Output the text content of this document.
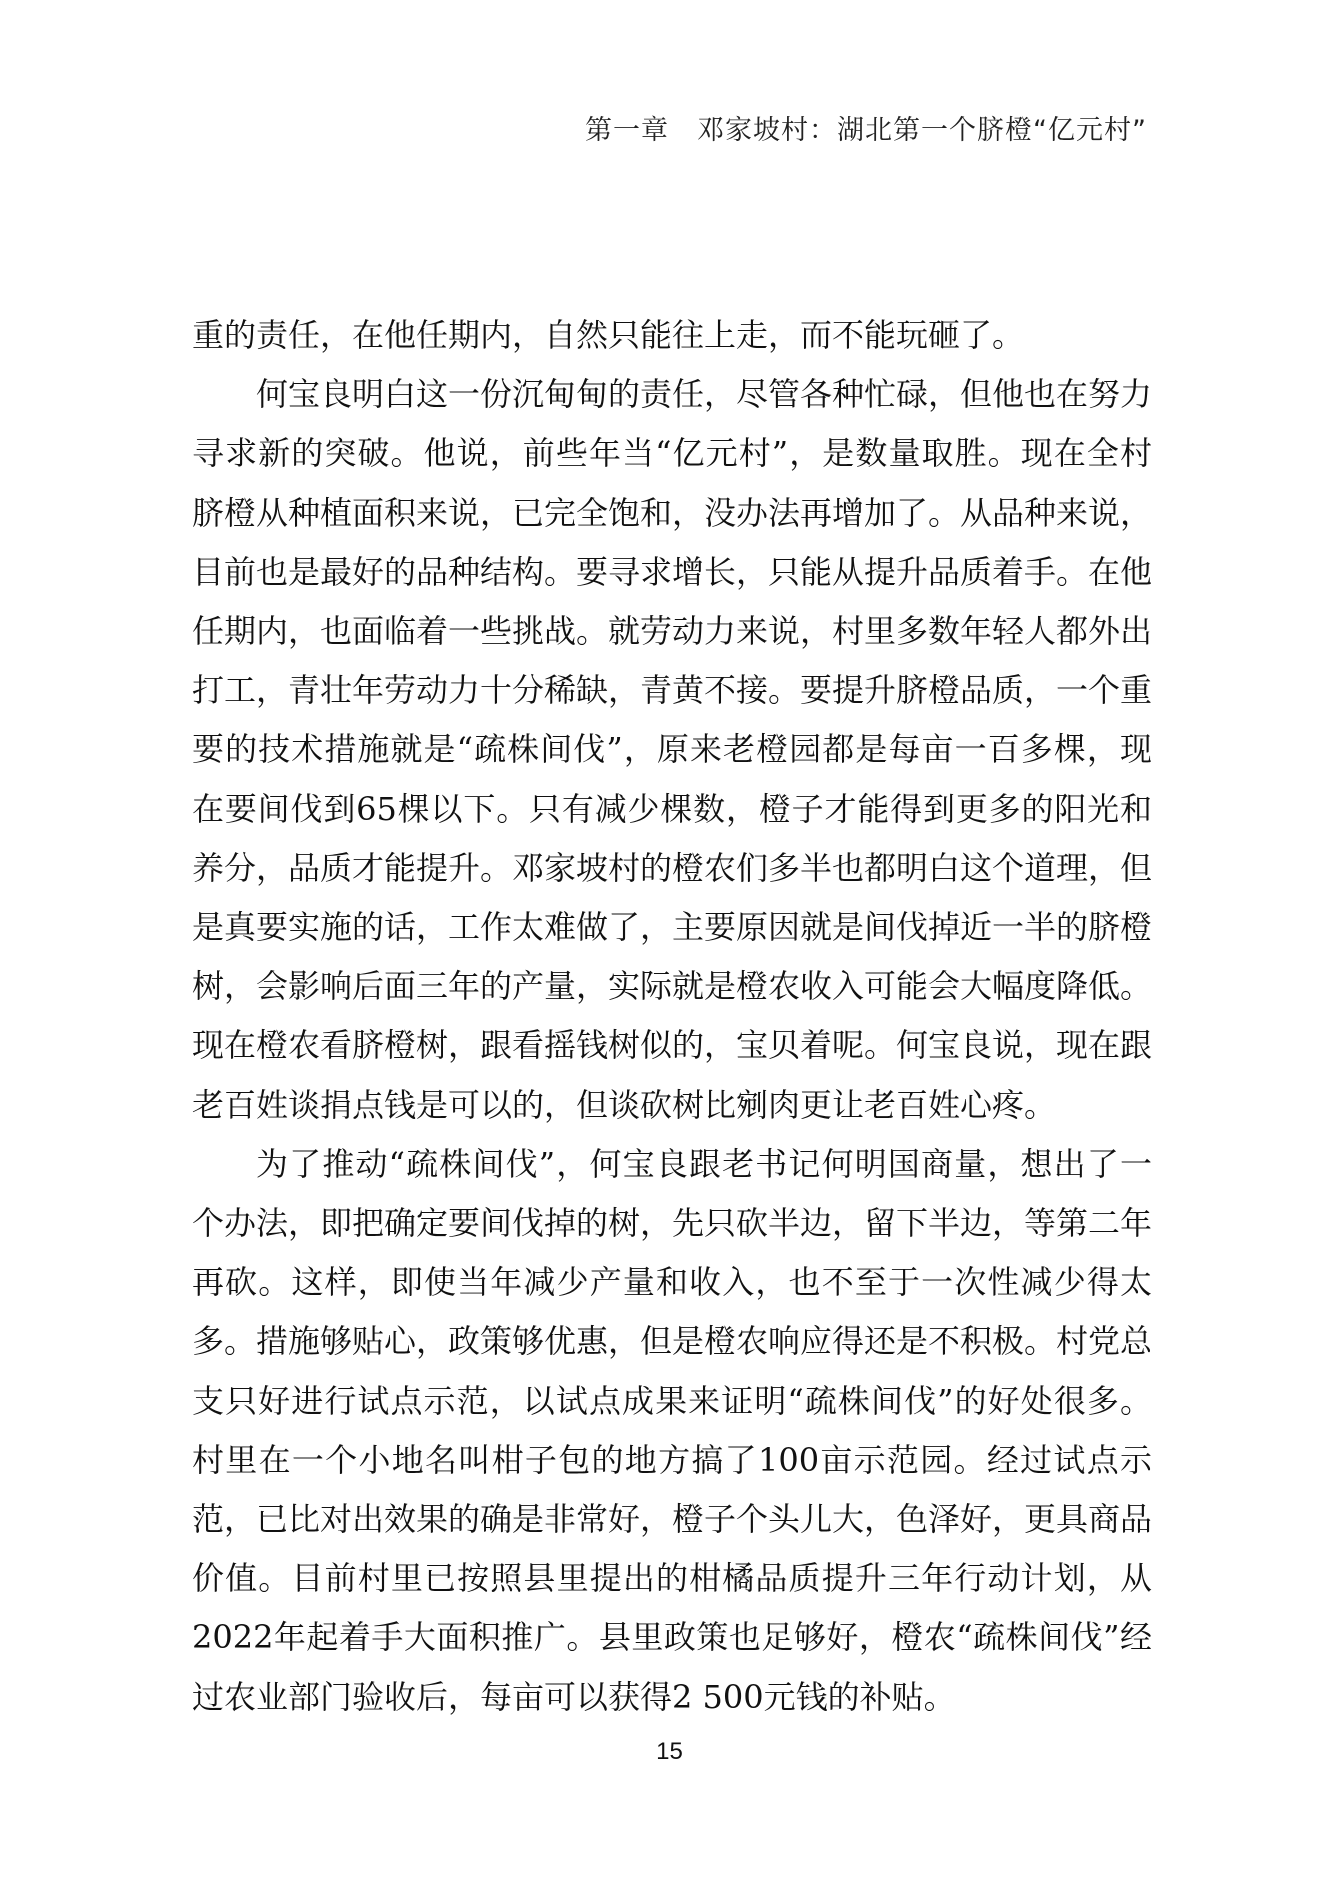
第一章　邓家坡村：湖北第一个脐橙“亿元村”

重的责任，在他任期内，自然只能往上走，而不能玩砸了。

何宝良明白这一份沉甸甸的责任，尽管各种忙碌，但他也在努力寻求新的突破。他说，前些年当“亿元村”，是数量取胜。现在全村脐橙从种植面积来说，已完全饱和，没办法再增加了。从品种来说，目前也是最好的品种结构。要寻求增长，只能从提升品质着手。在他任期内，也面临着一些挑战。就劳动力来说，村里多数年轻人都外出打工，青壮年劳动力十分稀缺，青黄不接。要提升脐橙品质，一个重要的技术措施就是“疏株间伐”，原来老橙园都是每亩一百多棵，现在要间伐到65棵以下。只有减少棵数，橙子才能得到更多的阳光和养分，品质才能提升。邓家坡村的橙农们多半也都明白这个道理，但是真要实施的话，工作太难做了，主要原因就是间伐掉近一半的脐橙树，会影响后面三年的产量，实际就是橙农收入可能会大幅度降低。现在橙农看脐橙树，跟看摇钱树似的，宝贝着呢。何宝良说，现在跟老百姓谈捐点钱是可以的，但谈砍树比剜肉更让老百姓心疼。

为了推动“疏株间伐”，何宝良跟老书记何明国商量，想出了一个办法，即把确定要间伐掉的树，先只砍半边，留下半边，等第二年再砍。这样，即使当年减少产量和收入，也不至于一次性减少得太多。措施够贴心，政策够优惠，但是橙农响应得还是不积极。村党总支只好进行试点示范，以试点成果来证明“疏株间伐”的好处很多。村里在一个小地名叫柑子包的地方搞了100亩示范园。经过试点示范，已比对出效果的确是非常好，橙子个头儿大，色泽好，更具商品价值。目前村里已按照县里提出的柑橘品质提升三年行动计划，从2022年起着手大面积推广。县里政策也足够好，橙农“疏株间伐”经过农业部门验收后，每亩可以获得2 500元钱的补贴。

15
